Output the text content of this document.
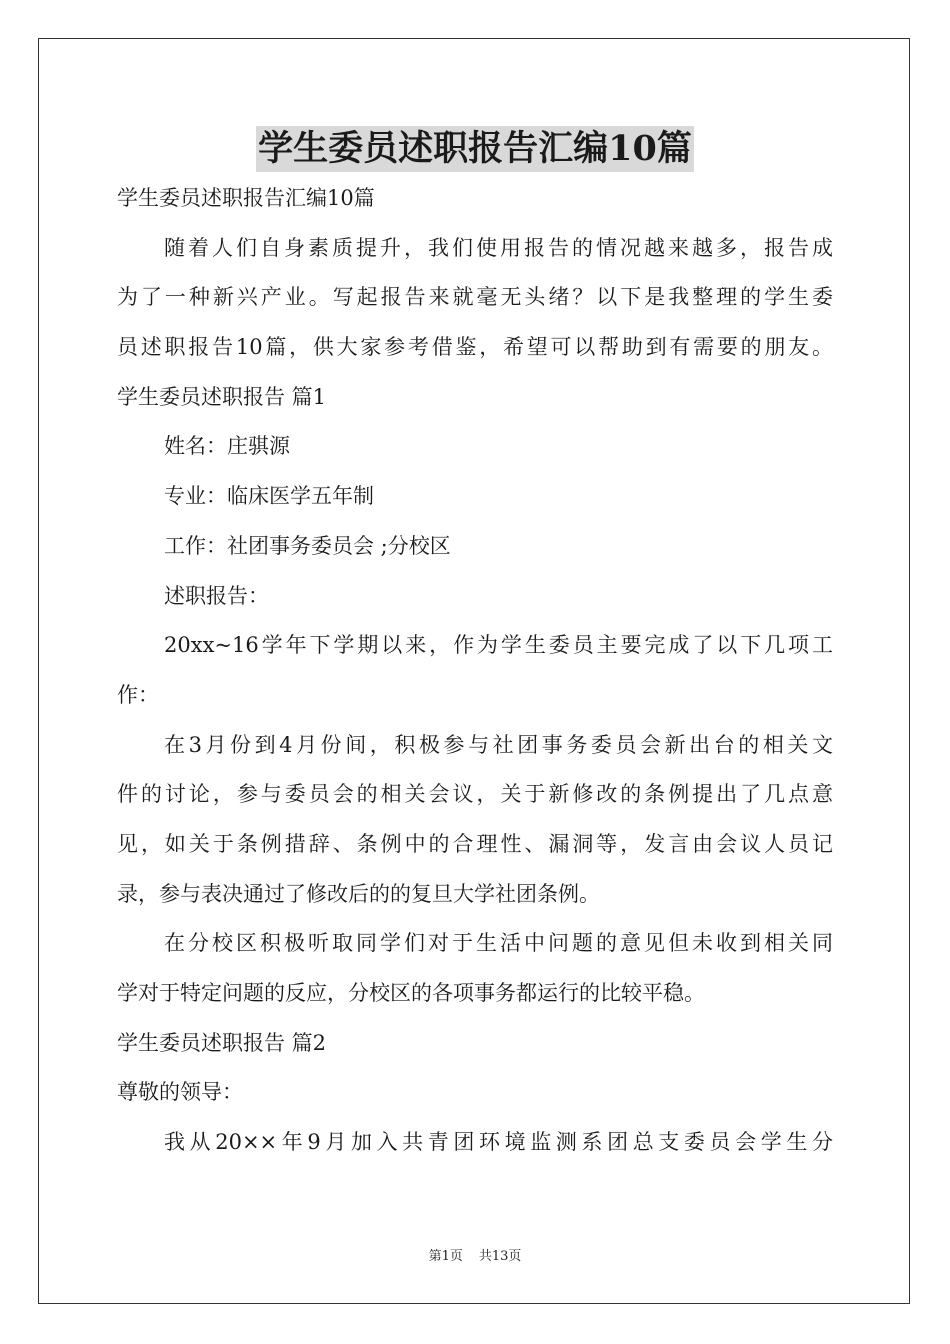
学生委员述职报告汇编10篇
学生委员述职报告汇编10篇
随着人们自身素质提升，我们使用报告的情况越来越多，报告成
为了一种新兴产业。写起报告来就毫无头绪？以下是我整理的学生委
员述职报告10篇，供大家参考借鉴，希望可以帮助到有需要的朋友。
学生委员述职报告 篇1
姓名：庄骐源
专业：临床医学五年制
工作：社团事务委员会 ;分校区
述职报告：
20xx~16学年下学期以来，作为学生委员主要完成了以下几项工
作：
在3月份到4月份间，积极参与社团事务委员会新出台的相关文
件的讨论，参与委员会的相关会议，关于新修改的条例提出了几点意
见，如关于条例措辞、条例中的合理性、漏洞等，发言由会议人员记
录，参与表决通过了修改后的的复旦大学社团条例。
在分校区积极听取同学们对于生活中问题的意见但未收到相关同
学对于特定问题的反应，分校区的各项事务都运行的比较平稳。
学生委员述职报告 篇2
尊敬的领导：
我从20××年9月加入共青团环境监测系团总支委员会学生分
第1页 共13页
